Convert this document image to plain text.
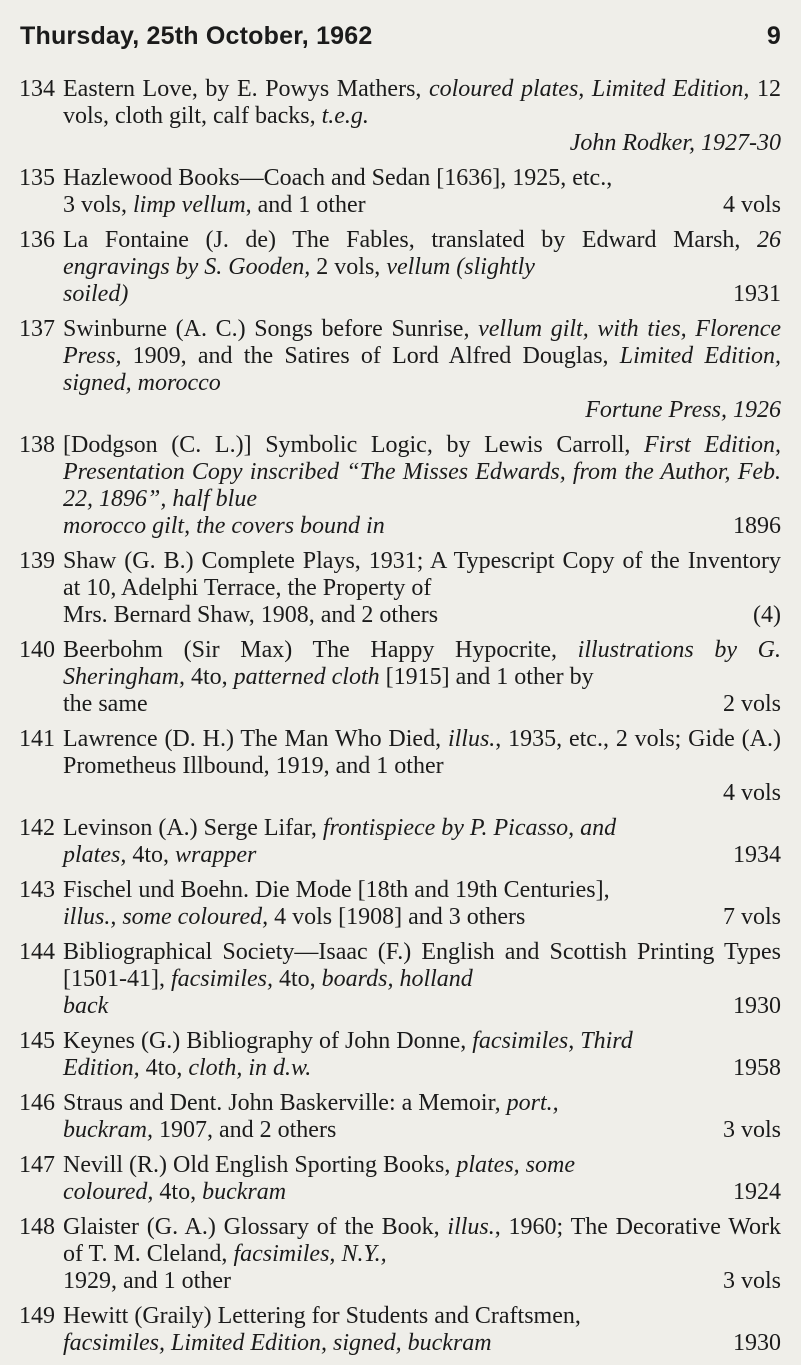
Thursday, 25th October, 1962	9
134 Eastern Love, by E. Powys Mathers, coloured plates, Limited Edition, 12 vols, cloth gilt, calf backs, t.e.g.
John Rodker, 1927-30
135 Hazlewood Books—Coach and Sedan [1636], 1925, etc.,
3 vols, limp vellum, and 1 other	4 vols
136 La Fontaine (J. de) The Fables, translated by Edward Marsh, 26 engravings by S. Gooden, 2 vols, vellum (slightly
soiled)	1931
137 Swinburne (A. C.) Songs before Sunrise, vellum gilt, with ties, Florence Press, 1909, and the Satires of Lord Alfred Douglas, Limited Edition, signed, morocco
Fortune Press, 1926
138 [Dodgson (C. L.)] Symbolic Logic, by Lewis Carroll, First Edition, Presentation Copy inscribed “The Misses Edwards, from the Author, Feb. 22, 1896”, half blue
morocco gilt, the covers bound in	1896
139 Shaw (G. B.) Complete Plays, 1931; A Typescript Copy of the Inventory at 10, Adelphi Terrace, the Property of
Mrs. Bernard Shaw, 1908, and 2 others	(4)
140 Beerbohm (Sir Max) The Happy Hypocrite, illustrations by G. Sheringham, 4to, patterned cloth [1915] and 1 other by
the same	2 vols
141 Lawrence (D. H.) The Man Who Died, illus., 1935, etc., 2 vols; Gide (A.) Prometheus Illbound, 1919, and 1 other
4 vols
142 Levinson (A.) Serge Lifar, frontispiece by P. Picasso, and
plates, 4to, wrapper	1934
143 Fischel und Boehn. Die Mode [18th and 19th Centuries],
illus., some coloured, 4 vols [1908] and 3 others	7 vols
144 Bibliographical Society—Isaac (F.) English and Scottish Printing Types [1501-41], facsimiles, 4to, boards, holland
back	1930
145 Keynes (G.) Bibliography of John Donne, facsimiles, Third
Edition, 4to, cloth, in d.w.	1958
146 Straus and Dent. John Baskerville: a Memoir, port.,
buckram, 1907, and 2 others	3 vols
147 Nevill (R.) Old English Sporting Books, plates, some
coloured, 4to, buckram	1924
148 Glaister (G. A.) Glossary of the Book, illus., 1960; The Decorative Work of T. M. Cleland, facsimiles, N.Y.,
1929, and 1 other	3 vols
149 Hewitt (Graily) Lettering for Students and Craftsmen,
facsimiles, Limited Edition, signed, buckram	1930
